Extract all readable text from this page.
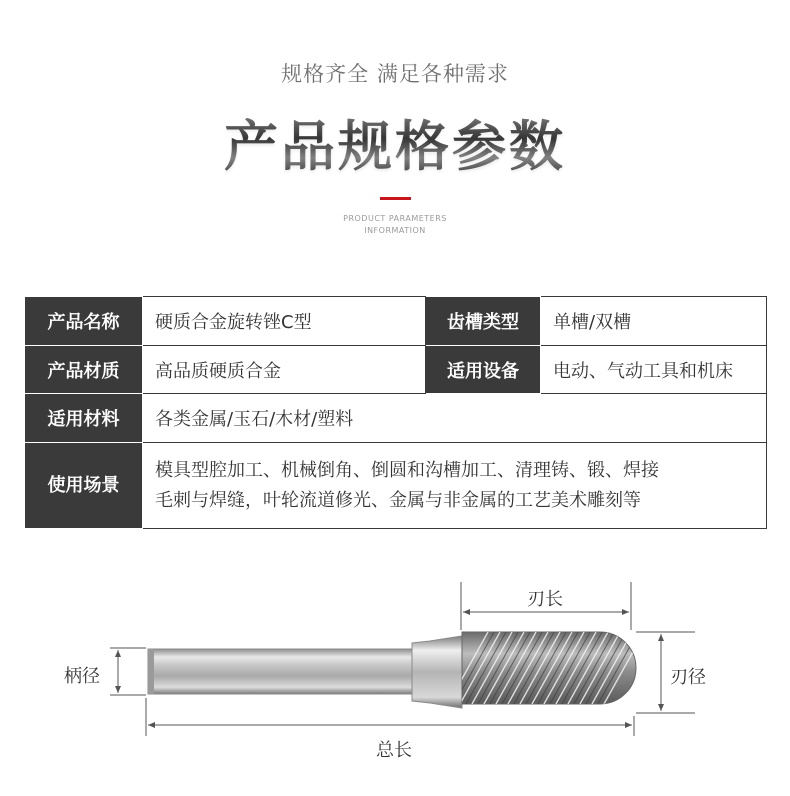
规格齐全 满足各种需求
产品规格参数
PRODUCT PARAMETERS
INFORMATION
产品名称	硬质合金旋转锉C型	齿槽类型	单槽/双槽
产品材质	高品质硬质合金	适用设备	电动、气动工具和机床
适用材料	各类金属/玉石/木材/塑料		
使用场景	模具型腔加工、机械倒角、倒圆和沟槽加工、清理铸、锻、焊接
毛刺与焊缝，叶轮流道修光、金属与非金属的工艺美术雕刻等		
刃长
柄径	刃径
总长
